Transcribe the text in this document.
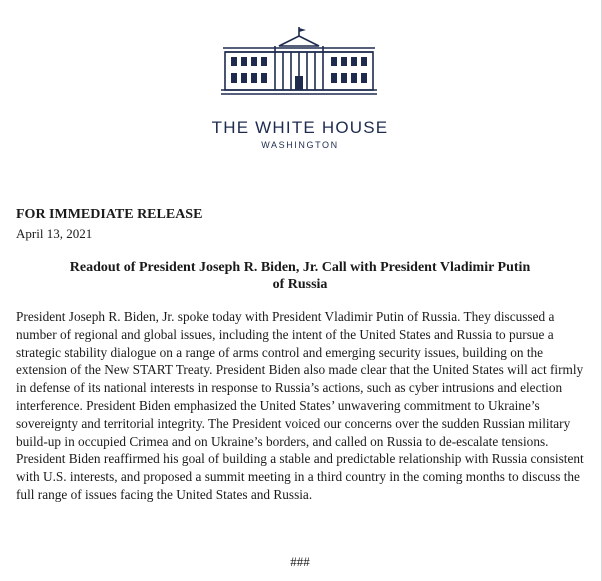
THE WHITE HOUSE
WASHINGTON
FOR IMMEDIATE RELEASE
April 13, 2021
Readout of President Joseph R. Biden, Jr. Call with President Vladimir Putin
of Russia
President Joseph R. Biden, Jr. spoke today with President Vladimir Putin of Russia. They discussed a number of regional and global issues, including the intent of the United States and Russia to pursue a strategic stability dialogue on a range of arms control and emerging security issues, building on the extension of the New START Treaty. President Biden also made clear that the United States will act firmly in defense of its national interests in response to Russia’s actions, such as cyber intrusions and election interference. President Biden emphasized the United States’ unwavering commitment to Ukraine’s sovereignty and territorial integrity. The President voiced our concerns over the sudden Russian military build-up in occupied Crimea and on Ukraine’s borders, and called on Russia to de-escalate tensions. President Biden reaffirmed his goal of building a stable and predictable relationship with Russia consistent with U.S. interests, and proposed a summit meeting in a third country in the coming months to discuss the full range of issues facing the United States and Russia.
###
